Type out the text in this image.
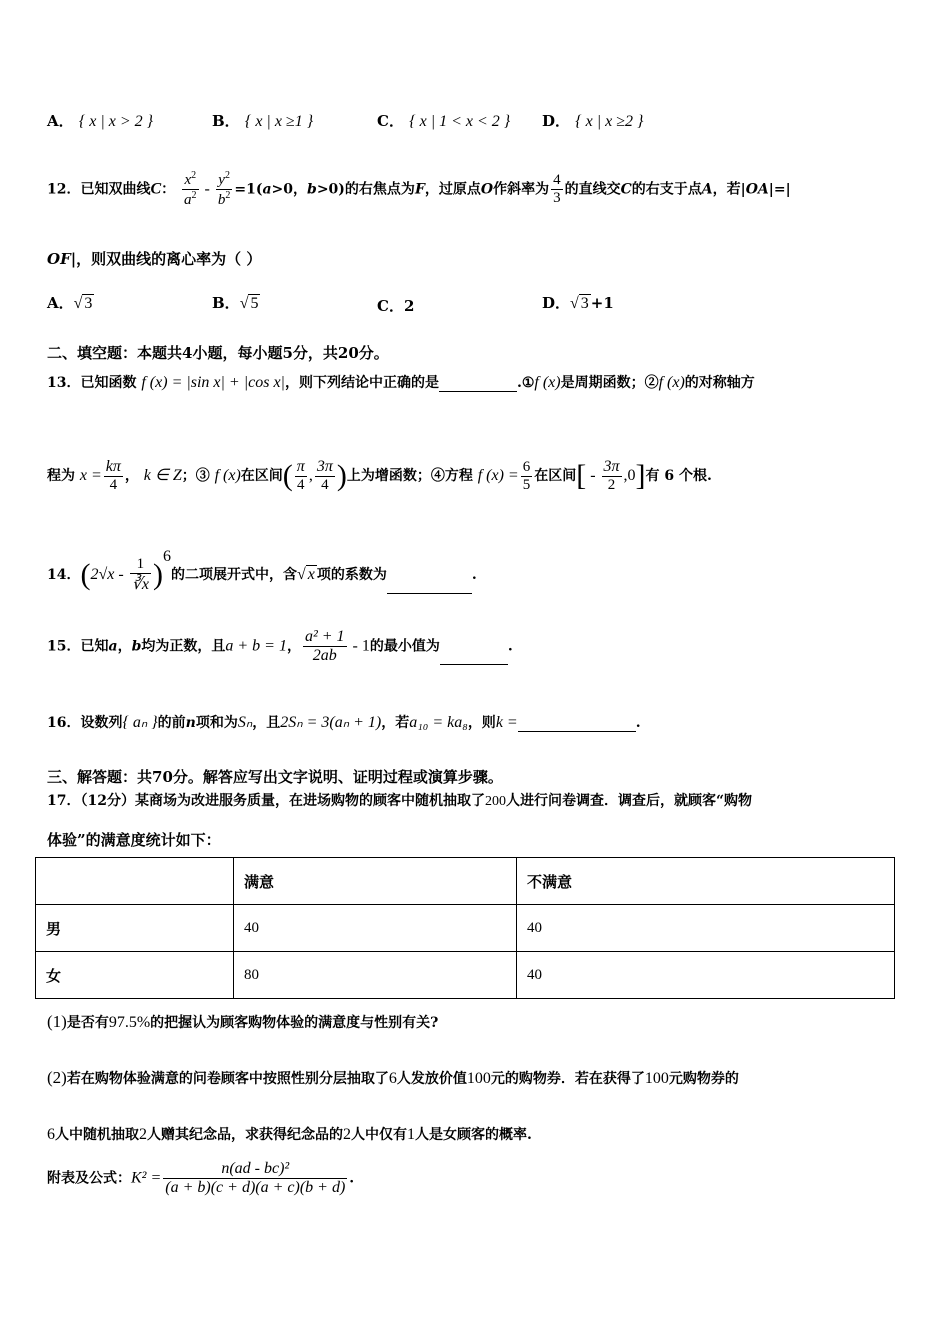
A． { x | x > 2 }	B． { x | x ≥1 }	C． { x | 1 < x < 2 } D． { x | x ≥2 }
12．已知双曲线C： $\frac{x^2}{a^2} - \frac{y^2}{b^2} =1(a>0$，b>0)的右焦点为F，过原点O作斜率为 $\frac{4}{3}$ 的直线交C的右支于点A，若|OA|=|
OF|，则双曲线的离心率为（ ）
A．√ 3	B．√ 5	C．2	D．√ 3 +1
二、填空题：本题共4小题，每小题5分，共20分。
13．已知函数 f (x) = |sin x| + |cos x|，则下列结论中正确的是	.①f (x)是周期函数；②f (x)的对称轴方
程为 $x = \frac{k\pi}{4}$ ， k ∈ Z；③ f (x)在区间( $\frac{\pi}{4}$ , $\frac{3\pi}{4}$ )上为增函数；④方程 f $(x) = \frac{6}{5}$ 在区间[ - $\frac{3\pi}{2} ,0$]有 6 个根.
14．$(2√x - \frac{1}{∛x} )^6$的二项展开式中，含√ x 项的系数为	.
15．已知a，b均为正数，且a + b = 1， $\frac{\text{a² + 1}}{2ab} - 1$的最小值为	.
16．设数列{ aₙ }的前n项和为Sₙ，且2Sₙ = 3(aₙ + 1)，若a₁₀ = ka₈，则k =	.
三、解答题：共70分。解答应写出文字说明、证明过程或演算步骤。
17．（12分）某商场为改进服务质量，在进场购物的顾客中随机抽取了200人进行问卷调查．调查后，就顾客“购物
体验”的满意度统计如下：
	满意	不满意
男	40	40
女	80	40
(1)是否有97.5%的把握认为顾客购物体验的满意度与性别有关?
(2)若在购物体验满意的问卷顾客中按照性别分层抽取了6人发放价值100元的购物券．若在获得了100元购物券的
6人中随机抽取2人赠其纪念品，求获得纪念品的2人中仅有1人是女顾客的概率.
附表及公式：$K^2 = \frac{\text{n(ad - bc)²}}{(a + b)(c + d)(a + c)(b + d)}$ .
